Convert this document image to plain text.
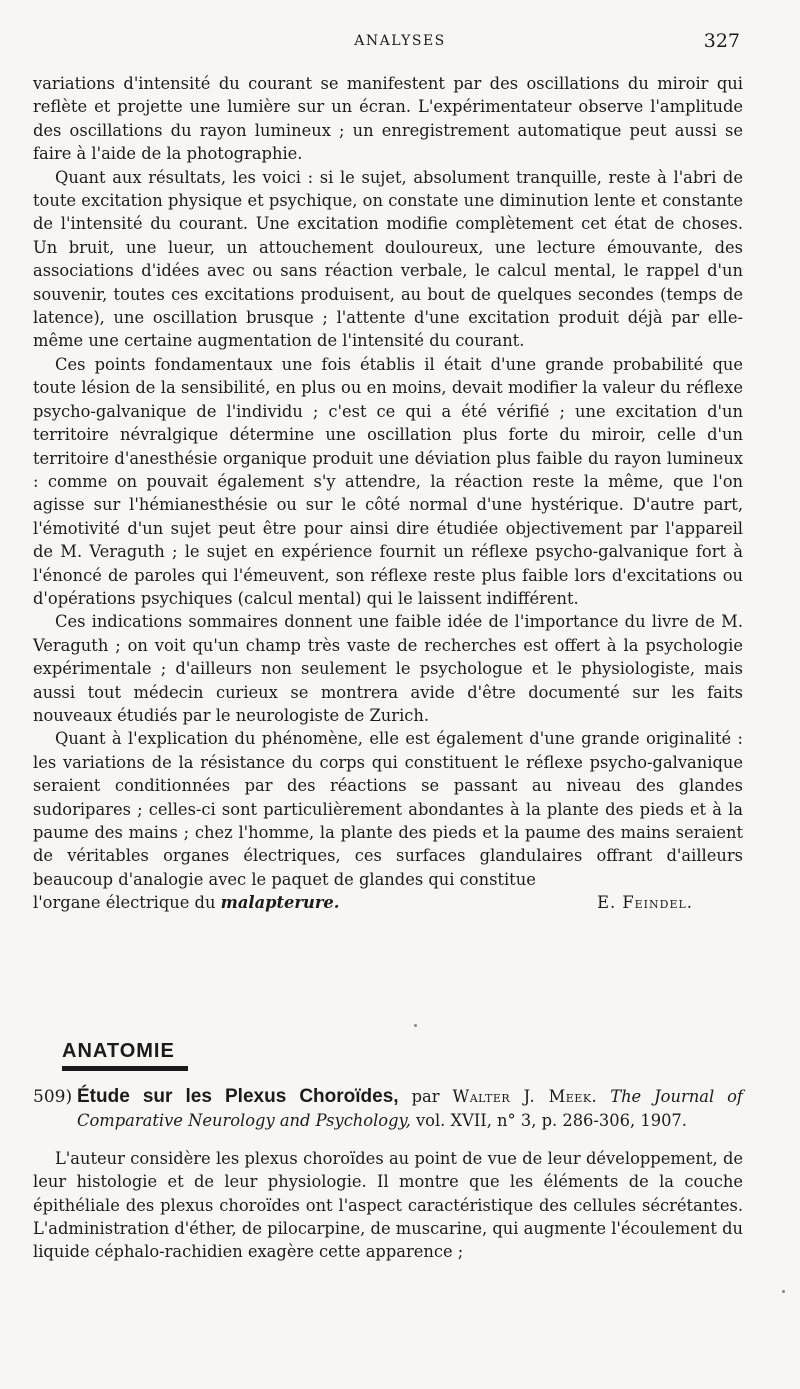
ANALYSES	327

variations d'intensité du courant se manifestent par des oscillations du miroir qui reflète et projette une lumière sur un écran. L'expérimentateur observe l'amplitude des oscillations du rayon lumineux ; un enregistrement automatique peut aussi se faire à l'aide de la photographie.

Quant aux résultats, les voici : si le sujet, absolument tranquille, reste à l'abri de toute excitation physique et psychique, on constate une diminution lente et constante de l'intensité du courant. Une excitation modifie complètement cet état de choses. Un bruit, une lueur, un attouchement douloureux, une lecture émouvante, des associations d'idées avec ou sans réaction verbale, le calcul mental, le rappel d'un souvenir, toutes ces excitations produisent, au bout de quelques secondes (temps de latence), une oscillation brusque ; l'attente d'une excitation produit déjà par elle-même une certaine augmentation de l'intensité du courant.

Ces points fondamentaux une fois établis il était d'une grande probabilité que toute lésion de la sensibilité, en plus ou en moins, devait modifier la valeur du réflexe psycho-galvanique de l'individu ; c'est ce qui a été vérifié ; une excitation d'un territoire névralgique détermine une oscillation plus forte du miroir, celle d'un territoire d'anesthésie organique produit une déviation plus faible du rayon lumineux : comme on pouvait également s'y attendre, la réaction reste la même, que l'on agisse sur l'hémianesthésie ou sur le côté normal d'une hystérique. D'autre part, l'émotivité d'un sujet peut être pour ainsi dire étudiée objectivement par l'appareil de M. Veraguth ; le sujet en expérience fournit un réflexe psycho-galvanique fort à l'énoncé de paroles qui l'émeuvent, son réflexe reste plus faible lors d'excitations ou d'opérations psychiques (calcul mental) qui le laissent indifférent.

Ces indications sommaires donnent une faible idée de l'importance du livre de M. Veraguth ; on voit qu'un champ très vaste de recherches est offert à la psychologie expérimentale ; d'ailleurs non seulement le psychologue et le physiologiste, mais aussi tout médecin curieux se montrera avide d'être documenté sur les faits nouveaux étudiés par le neurologiste de Zurich.

Quant à l'explication du phénomène, elle est également d'une grande originalité : les variations de la résistance du corps qui constituent le réflexe psycho-galvanique seraient conditionnées par des réactions se passant au niveau des glandes sudoripares ; celles-ci sont particulièrement abondantes à la plante des pieds et à la paume des mains ; chez l'homme, la plante des pieds et la paume des mains seraient de véritables organes électriques, ces surfaces glandulaires offrant d'ailleurs beaucoup d'analogie avec le paquet de glandes qui constitue

l'organe électrique du malapterure.	E. Feindel.

ANATOMIE

509) Étude sur les Plexus Choroïdes, par Walter J. Meek. The Journal of Comparative Neurology and Psychology, vol. XVII, n° 3, p. 286-306, 1907.

L'auteur considère les plexus choroïdes au point de vue de leur développement, de leur histologie et de leur physiologie. Il montre que les éléments de la couche épithéliale des plexus choroïdes ont l'aspect caractéristique des cellules sécrétantes. L'administration d'éther, de pilocarpine, de muscarine, qui augmente l'écoulement du liquide céphalo-rachidien exagère cette apparence ;
